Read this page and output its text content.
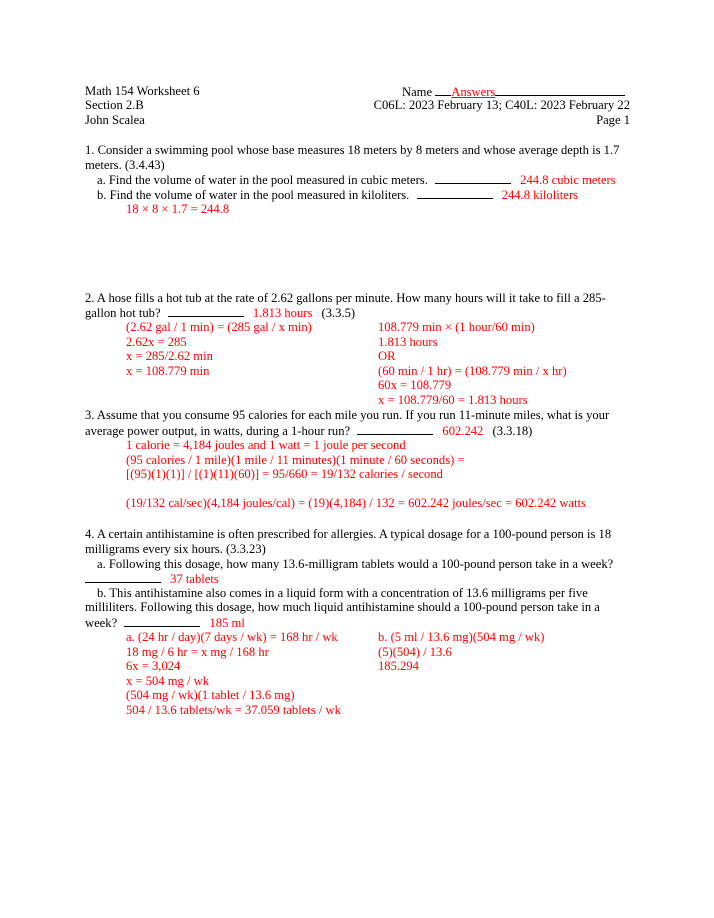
Math 154 Worksheet 6
Section 2.B
John Scalea
Name Answers
C06L: 2023 February 13; C40L: 2023 February 22
Page 1
1. Consider a swimming pool whose base measures 18 meters by 8 meters and whose average depth is 1.7 meters. (3.4.43)
a. Find the volume of water in the pool measured in cubic meters.	244.8 cubic meters
b. Find the volume of water in the pool measured in kiloliters.	244.8 kiloliters
18 × 8 × 1.7 = 244.8
2. A hose fills a hot tub at the rate of 2.62 gallons per minute. How many hours will it take to fill a 285-
gallon hot tub?	1.813 hours (3.3.5)
(2.62 gal / 1 min) = (285 gal / x min)
2.62x = 285
x = 285/2.62 min
x = 108.779 min
108.779 min × (1 hour/60 min)
1.813 hours
OR
(60 min / 1 hr) = (108.779 min / x hr)
60x = 108.779
x = 108.779/60 = 1.813 hours
3. Assume that you consume 95 calories for each mile you run. If you run 11-minute miles, what is your
average power output, in watts, during a 1-hour run?	602.242 (3.3.18)
1 calorie = 4,184 joules and 1 watt = 1 joule per second
(95 calories / 1 mile)(1 mile / 11 minutes)(1 minute / 60 seconds) =
[(95)(1)(1)] / [(1)(11)(60)] = 95/660 = 19/132 calories / second
(19/132 cal/sec)(4,184 joules/cal) = (19)(4,184) / 132 = 602.242 joules/sec = 602.242 watts
4. A certain antihistamine is often prescribed for allergies. A typical dosage for a 100-pound person is 18
milligrams every six hours. (3.3.23)
a. Following this dosage, how many 13.6-milligram tablets would a 100-pound person take in a week?
37 tablets
b. This antihistamine also comes in a liquid form with a concentration of 13.6 milligrams per five
milliliters. Following this dosage, how much liquid antihistamine should a 100-pound person take in a
week?	185 ml
a. (24 hr / day)(7 days / wk) = 168 hr / wk
18 mg / 6 hr = x mg / 168 hr
6x = 3,024
x = 504 mg / wk
(504 mg / wk)(1 tablet / 13.6 mg)
504 / 13.6 tablets/wk = 37.059 tablets / wk
b. (5 ml / 13.6 mg)(504 mg / wk)
(5)(504) / 13.6
185.294
